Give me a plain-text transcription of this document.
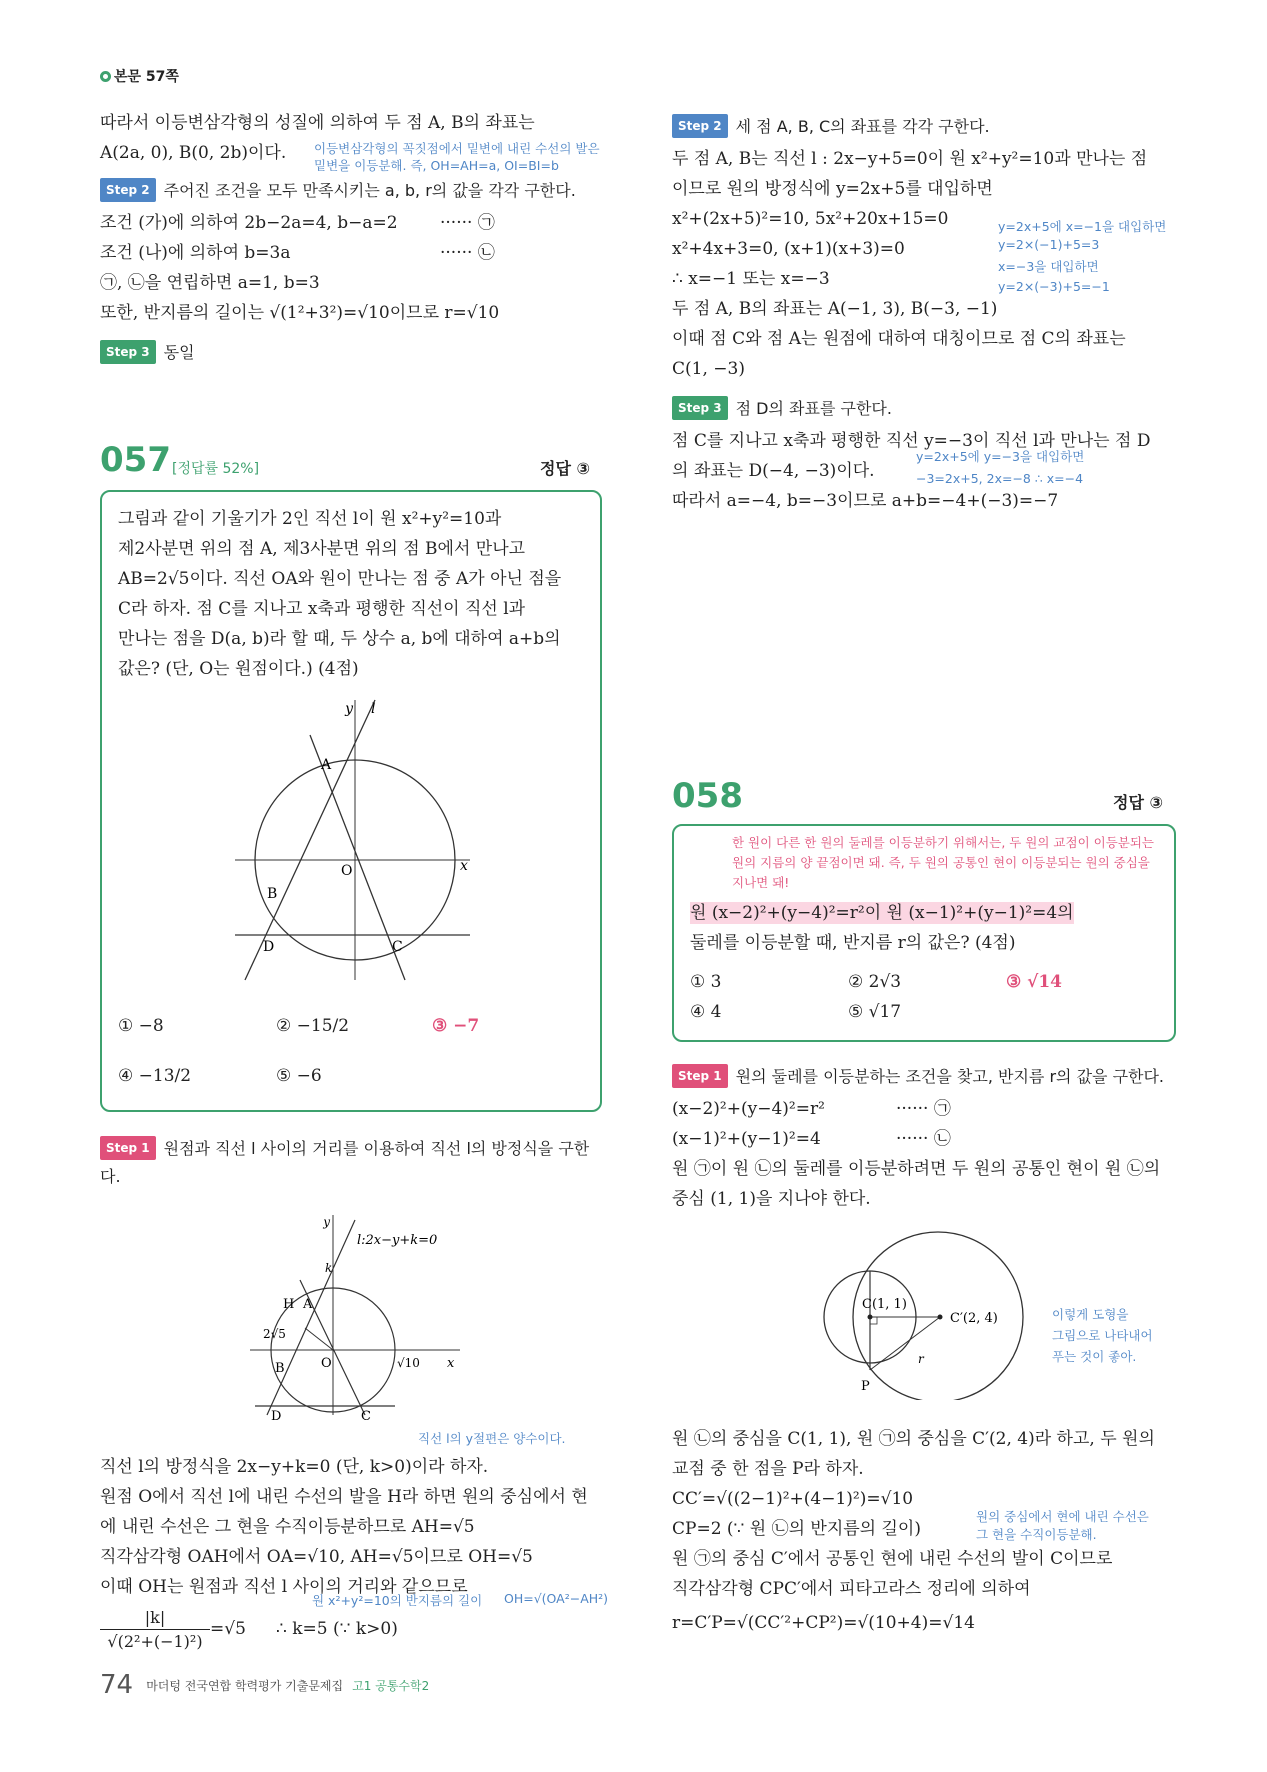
본문 57쪽
따라서 이등변삼각형의 성질에 의하여 두 점 A, B의 좌표는
A(2a, 0), B(0, 2b)이다. 이등변삼각형의 꼭짓점에서 밑변에 내린 수선의 발은
밑변을 이등분해. 즉, OH=AH=a, OI=BI=b
Step 2 주어진 조건을 모두 만족시키는 a, b, r의 값을 각각 구한다.
조건 (가)에 의하여 2b−2a=4, b−a=2 ······ ㉠
조건 (나)에 의하여 b=3a	······ ㉡
㉠, ㉡을 연립하면 a=1, b=3
또한, 반지름의 길이는 √(1²+3²)=√10이므로 r=√10
Step 3 동일
057 [정답률 52%]	정답 ③
그림과 같이 기울기가 2인 직선 l이 원 x²+y²=10과
제2사분면 위의 점 A, 제3사분면 위의 점 B에서 만나고
AB=2√5이다. 직선 OA와 원이 만나는 점 중 A가 아닌 점을
C라 하자. 점 C를 지나고 x축과 평행한 직선이 직선 l과
만나는 점을 D(a, b)라 할 때, 두 상수 a, b에 대하여 a+b의
값은? (단, O는 원점이다.) (4점)
y l
x
A
B
O
C
D
① −8	② −15/2	③ −7
④ −13/2	⑤ −6
Step 1 원점과 직선 l 사이의 거리를 이용하여 직선 l의 방정식을 구한
다.
y
k
l:2x−y+k=0
H A
2√5
B	O	√10 x
D	C
직선 l의 y절편은 양수이다.
직선 l의 방정식을 2x−y+k=0 (단, k>0)이라 하자.
원점 O에서 직선 l에 내린 수선의 발을 H라 하면 원의 중심에서 현
에 내린 수선은 그 현을 수직이등분하므로 AH=√5
직각삼각형 OAH에서 OA=√10, AH=√5이므로 OH=√5
이때 OH는 원점과 직선 l 사이의 거리와 같으므로
원 x²+y²=10의 반지름의 길이 OH=√(OA²−AH²)
|k|
√(2²+(−1)²)
=√5 ∴ k=5 (∵ k>0)
Step 2 세 점 A, B, C의 좌표를 각각 구한다.
두 점 A, B는 직선 l : 2x−y+5=0이 원 x²+y²=10과 만나는 점
이므로 원의 방정식에 y=2x+5를 대입하면
x²+(2x+5)²=10, 5x²+20x+15=0
x²+4x+3=0, (x+1)(x+3)=0
∴ x=−1 또는 x=−3
y=2x+5에 x=−1을 대입하면
y=2×(−1)+5=3
x=−3을 대입하면
y=2×(−3)+5=−1
두 점 A, B의 좌표는 A(−1, 3), B(−3, −1)
이때 점 C와 점 A는 원점에 대하여 대칭이므로 점 C의 좌표는
C(1, −3)
Step 3 점 D의 좌표를 구한다.
점 C를 지나고 x축과 평행한 직선 y=−3이 직선 l과 만나는 점 D
의 좌표는 D(−4, −3)이다.
y=2x+5에 y=−3을 대입하면
−3=2x+5, 2x=−8 ∴ x=−4
따라서 a=−4, b=−3이므로 a+b=−4+(−3)=−7
058	정답 ③
한 원이 다른 한 원의 둘레를 이등분하기 위해서는, 두 원의 교점이 이등분되는
원의 지름의 양 끝점이면 돼. 즉, 두 원의 공통인 현이 이등분되는 원의 중심을
지나면 돼!
원 (x−2)²+(y−4)²=r²이 원 (x−1)²+(y−1)²=4의
둘레를 이등분할 때, 반지름 r의 값은? (4점)
① 3	② 2√3	③ √14
④ 4	⑤ √17
Step 1 원의 둘레를 이등분하는 조건을 찾고, 반지름 r의 값을 구한다.
(x−2)²+(y−4)²=r²	······ ㉠
(x−1)²+(y−1)²=4	······ ㉡
원 ㉠이 원 ㉡의 둘레를 이등분하려면 두 원의 공통인 현이 원 ㉡의
중심 (1, 1)을 지나야 한다.
C(1, 1)
C′(2, 4)
P
r
이렇게 도형을
그림으로 나타내어
푸는 것이 좋아.
원 ㉡의 중심을 C(1, 1), 원 ㉠의 중심을 C′(2, 4)라 하고, 두 원의
교점 중 한 점을 P라 하자.
CC′=√((2−1)²+(4−1)²)=√10
CP=2 (∵ 원 ㉡의 반지름의 길이)
원의 중심에서 현에 내린 수선은
그 현을 수직이등분해.
원 ㉠의 중심 C′에서 공통인 현에 내린 수선의 발이 C이므로
직각삼각형 CPC′에서 피타고라스 정리에 의하여
r=C′P=√(CC′²+CP²)=√(10+4)=√14
74 마더텅 전국연합 학력평가 기출문제집 고1 공통수학2
